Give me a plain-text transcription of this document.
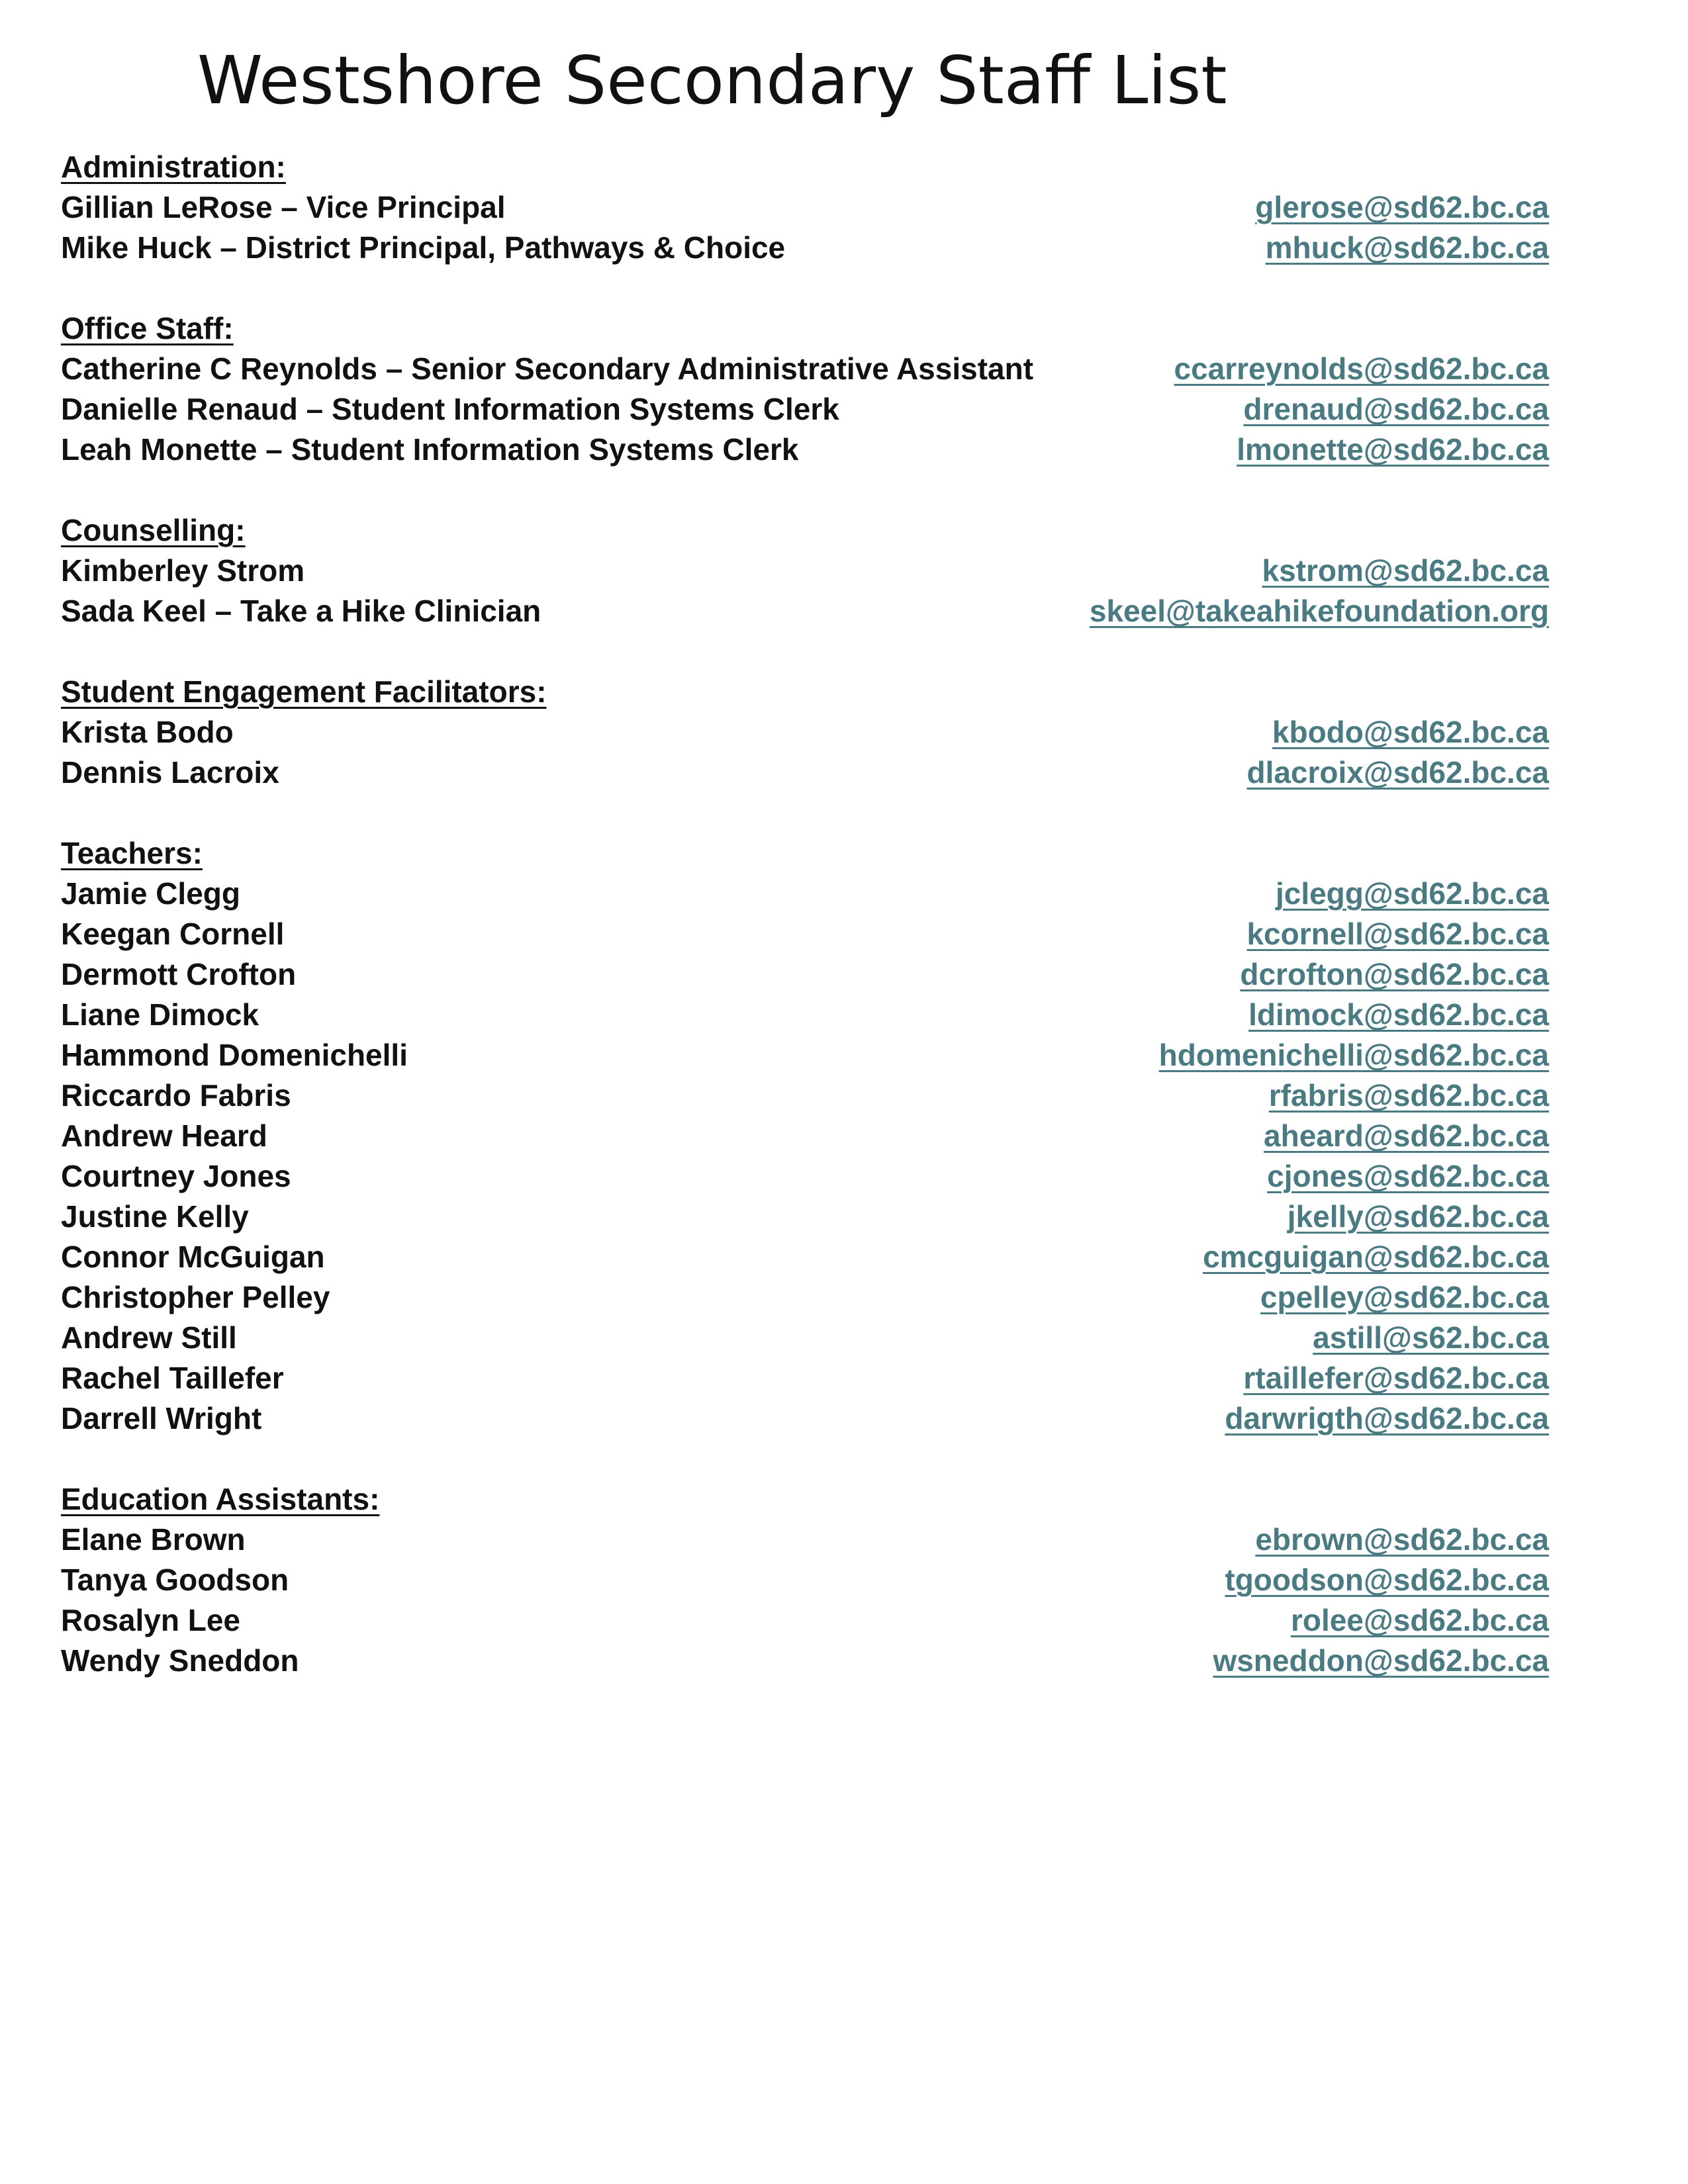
Westshore Secondary Staff List
Administration:
Gillian LeRose – Vice Principal	glerose@sd62.bc.ca
Mike Huck – District Principal, Pathways & Choice	mhuck@sd62.bc.ca
Office Staff:
Catherine C Reynolds – Senior Secondary Administrative Assistant	ccarreynolds@sd62.bc.ca
Danielle Renaud – Student Information Systems Clerk	drenaud@sd62.bc.ca
Leah Monette – Student Information Systems Clerk	lmonette@sd62.bc.ca
Counselling:
Kimberley Strom	kstrom@sd62.bc.ca
Sada Keel – Take a Hike Clinician	skeel@takeahikefoundation.org
Student Engagement Facilitators:
Krista Bodo	kbodo@sd62.bc.ca
Dennis Lacroix	dlacroix@sd62.bc.ca
Teachers:
Jamie Clegg	jclegg@sd62.bc.ca
Keegan Cornell	kcornell@sd62.bc.ca
Dermott Crofton	dcrofton@sd62.bc.ca
Liane Dimock	ldimock@sd62.bc.ca
Hammond Domenichelli	hdomenichelli@sd62.bc.ca
Riccardo Fabris	rfabris@sd62.bc.ca
Andrew Heard	aheard@sd62.bc.ca
Courtney Jones	cjones@sd62.bc.ca
Justine Kelly	jkelly@sd62.bc.ca
Connor McGuigan	cmcguigan@sd62.bc.ca
Christopher Pelley	cpelley@sd62.bc.ca
Andrew Still	astill@s62.bc.ca
Rachel Taillefer	rtaillefer@sd62.bc.ca
Darrell Wright	darwrigth@sd62.bc.ca
Education Assistants:
Elane Brown	ebrown@sd62.bc.ca
Tanya Goodson	tgoodson@sd62.bc.ca
Rosalyn Lee	rolee@sd62.bc.ca
Wendy Sneddon	wsneddon@sd62.bc.ca
